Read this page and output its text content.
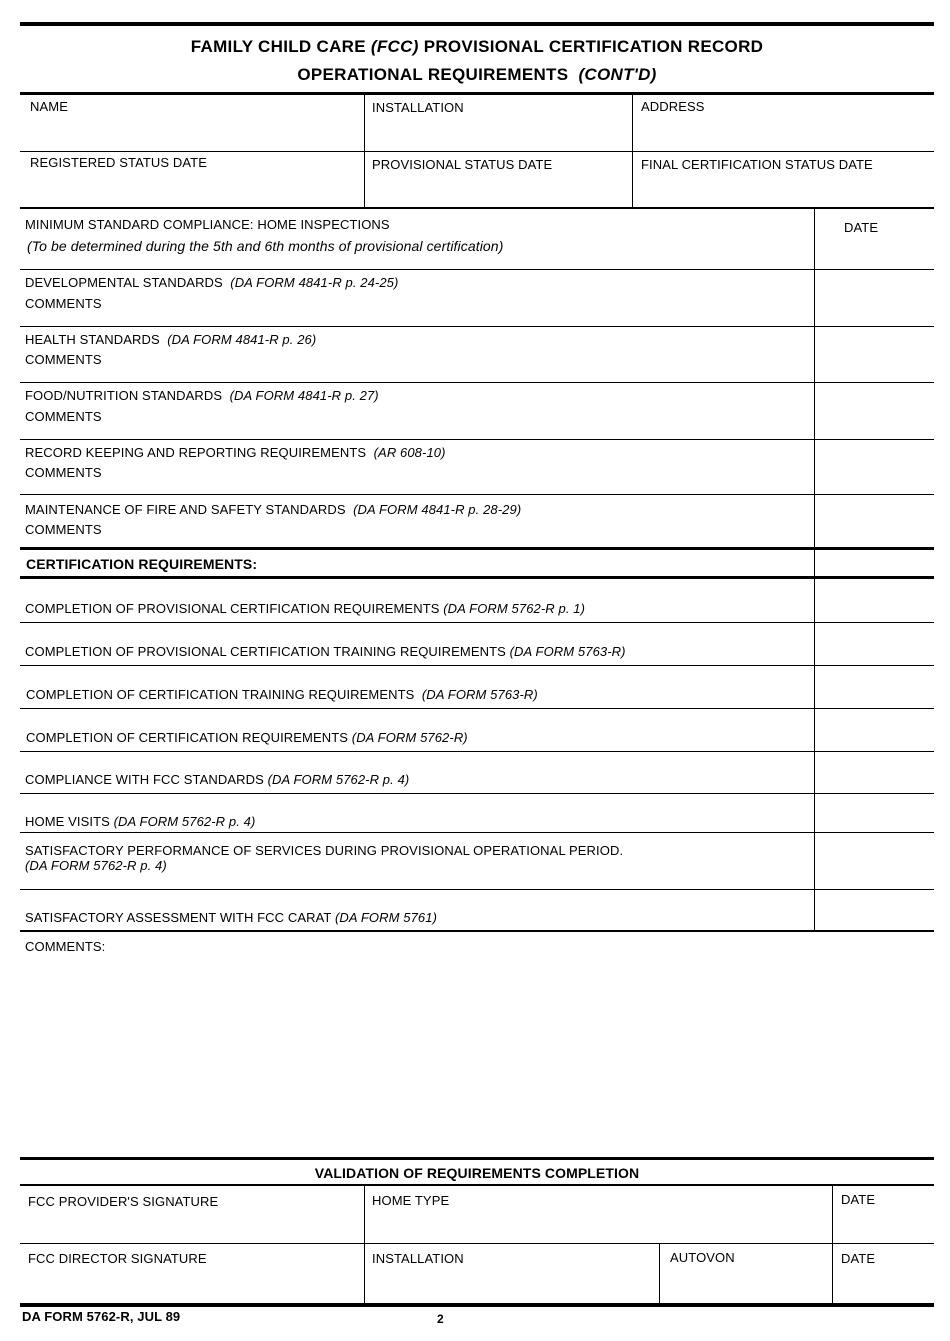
FAMILY CHILD CARE (FCC) PROVISIONAL CERTIFICATION RECORD
OPERATIONAL REQUIREMENTS (CONT'D)
NAME	INSTALLATION	ADDRESS
REGISTERED STATUS DATE	PROVISIONAL STATUS DATE	FINAL CERTIFICATION STATUS DATE
MINIMUM STANDARD COMPLIANCE: HOME INSPECTIONS
(To be determined during the 5th and 6th months of provisional certification)
DATE
DEVELOPMENTAL STANDARDS (DA FORM 4841-R p. 24-25)
COMMENTS
HEALTH STANDARDS (DA FORM 4841-R p. 26)
COMMENTS
FOOD/NUTRITION STANDARDS (DA FORM 4841-R p. 27)
COMMENTS
RECORD KEEPING AND REPORTING REQUIREMENTS (AR 608-10)
COMMENTS
MAINTENANCE OF FIRE AND SAFETY STANDARDS (DA FORM 4841-R p. 28-29)
COMMENTS
CERTIFICATION REQUIREMENTS:
COMPLETION OF PROVISIONAL CERTIFICATION REQUIREMENTS (DA FORM 5762-R p. 1)
COMPLETION OF PROVISIONAL CERTIFICATION TRAINING REQUIREMENTS (DA FORM 5763-R)
COMPLETION OF CERTIFICATION TRAINING REQUIREMENTS (DA FORM 5763-R)
COMPLETION OF CERTIFICATION REQUIREMENTS (DA FORM 5762-R)
COMPLIANCE WITH FCC STANDARDS (DA FORM 5762-R p. 4)
HOME VISITS (DA FORM 5762-R p. 4)
SATISFACTORY PERFORMANCE OF SERVICES DURING PROVISIONAL OPERATIONAL PERIOD.
(DA FORM 5762-R p. 4)
SATISFACTORY ASSESSMENT WITH FCC CARAT (DA FORM 5761)
COMMENTS:
VALIDATION OF REQUIREMENTS COMPLETION
FCC PROVIDER'S SIGNATURE	HOME TYPE	DATE
FCC DIRECTOR SIGNATURE	INSTALLATION	AUTOVON	DATE
DA FORM 5762-R, JUL 89	2
